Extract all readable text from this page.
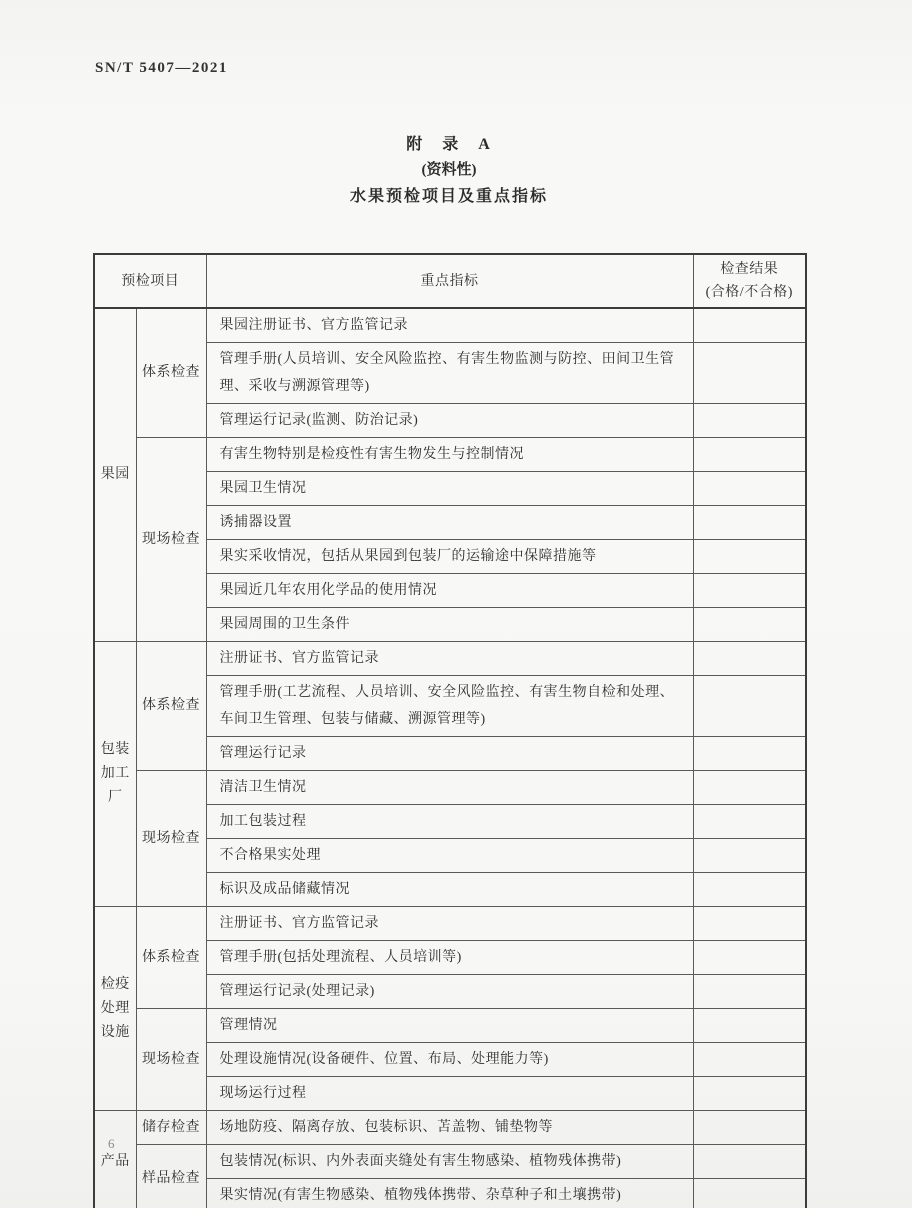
SN/T 5407—2021
附　录　A
(资料性)
水果预检项目及重点指标
预检项目		重点指标	检查结果
(合格/不合格)

果园	体系检查	果园注册证书、官方监管记录	
		管理手册(人员培训、安全风险监控、有害生物监测与防控、田间卫生管理、采收与溯源管理等)	
		管理运行记录(监测、防治记录)	
	现场检查	有害生物特别是检疫性有害生物发生与控制情况	
		果园卫生情况	
		诱捕器设置	
		果实采收情况，包括从果园到包装厂的运输途中保障措施等	
		果园近几年农用化学品的使用情况	
		果园周围的卫生条件	
包装加工厂	体系检查	注册证书、官方监管记录	
		管理手册(工艺流程、人员培训、安全风险监控、有害生物自检和处理、车间卫生管理、包装与储藏、溯源管理等)	
		管理运行记录	
	现场检查	清洁卫生情况	
		加工包装过程	
		不合格果实处理	
		标识及成品储藏情况	
检疫处理设施	体系检查	注册证书、官方监管记录	
		管理手册(包括处理流程、人员培训等)	
		管理运行记录(处理记录)	
	现场检查	管理情况	
		处理设施情况(设备硬件、位置、布局、处理能力等)	
		现场运行过程	
产品	储存检查	场地防疫、隔离存放、包装标识、苫盖物、铺垫物等	
	样品检查	包装情况(标识、内外表面夹缝处有害生物感染、植物残体携带)	
		果实情况(有害生物感染、植物残体携带、杂草种子和土壤携带)	
6
